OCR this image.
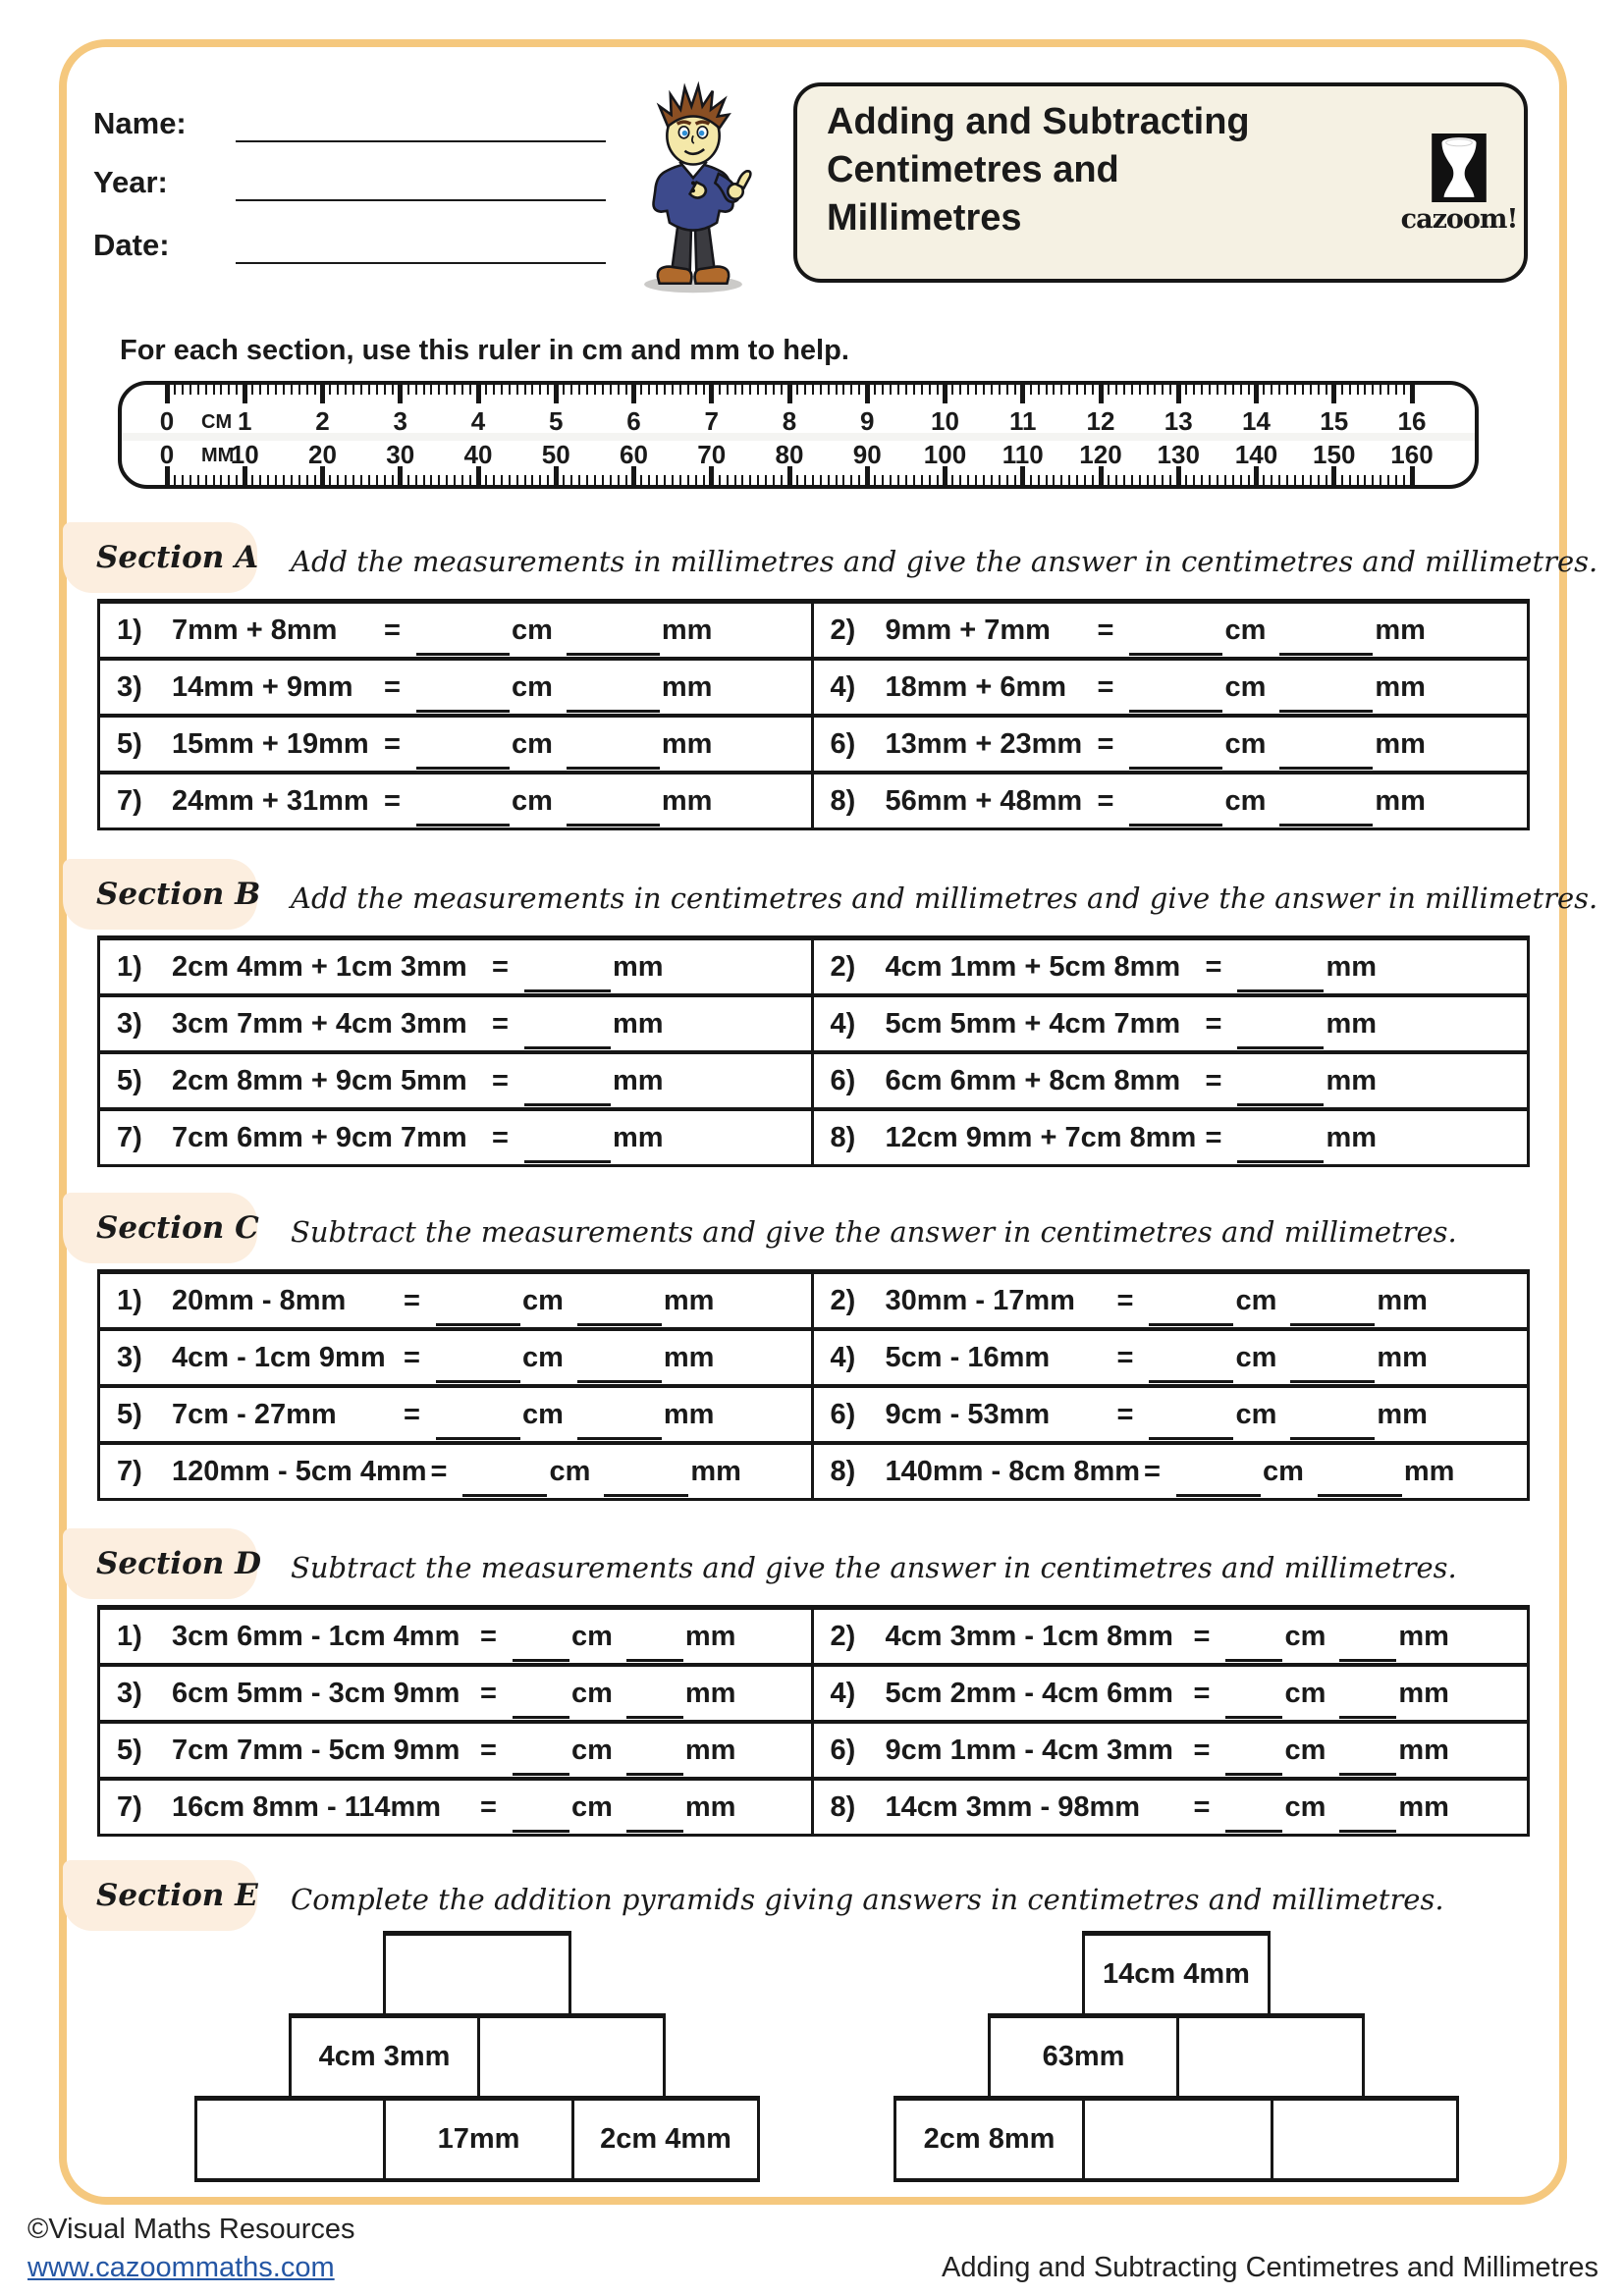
Name:
Year:
Date:
Adding and Subtracting
Centimetres and
Millimetres	cazoom!
For each section, use this ruler in cm and mm to help.
CM
MM
0 1 2 3 4 5 6 7 8 9 10 11 12 13 14 15 16
0 10 20 30 40 50 60 70 80 90 100 110 120 130 140 150 160
Section A Add the measurements in millimetres and give the answer in centimetres and millimetres.
1)	7mm + 8mm	=	cm	mm	2)	9mm + 7mm	=	cm	mm
3)	14mm + 9mm	=	cm	mm	4)	18mm + 6mm	=	cm	mm
5)	15mm + 19mm =	cm	mm	6)	13mm + 23mm =	cm	mm
7)	24mm + 31mm =	cm	mm	8)	56mm + 48mm =	cm	mm
Section B Add the measurements in centimetres and millimetres and give the answer in millimetres.
1)	2cm 4mm + 1cm 3mm =	mm	2)	4cm 1mm + 5cm 8mm =	mm
3)	3cm 7mm + 4cm 3mm =	mm	4)	5cm 5mm + 4cm 7mm =	mm
5)	2cm 8mm + 9cm 5mm =	mm	6)	6cm 6mm + 8cm 8mm =	mm
7)	7cm 6mm + 9cm 7mm =	mm	8)	12cm 9mm + 7cm 8mm =	mm
Section C Subtract the measurements and give the answer in centimetres and millimetres.
1)	20mm - 8mm	=	cm	mm	2)	30mm - 17mm	=	cm	mm
3)	4cm - 1cm 9mm =	cm	mm	4)	5cm - 16mm	=	cm	mm
5)	7cm - 27mm	=	cm	mm	6)	9cm - 53mm	=	cm	mm
7)	120mm - 5cm 4mm =	cm	mm	8)	140mm - 8cm 8mm =	cm	mm
Section D Subtract the measurements and give the answer in centimetres and millimetres.
1)	3cm 6mm - 1cm 4mm =	cm	mm	2)	4cm 3mm - 1cm 8mm =	cm	mm
3)	6cm 5mm - 3cm 9mm =	cm	mm	4)	5cm 2mm - 4cm 6mm =	cm	mm
5)	7cm 7mm - 5cm 9mm =	cm	mm	6)	9cm 1mm - 4cm 3mm =	cm	mm
7)	16cm 8mm - 114mm	=	cm	mm	8)	14cm 3mm - 98mm	=	cm	mm
Section E Complete the addition pyramids giving answers in centimetres and millimetres.
4cm 3mm
17mm	2cm 4mm
14cm 4mm
63mm
2cm 8mm
©Visual Maths Resources
www.cazoommaths.com	Adding and Subtracting Centimetres and Millimetres
